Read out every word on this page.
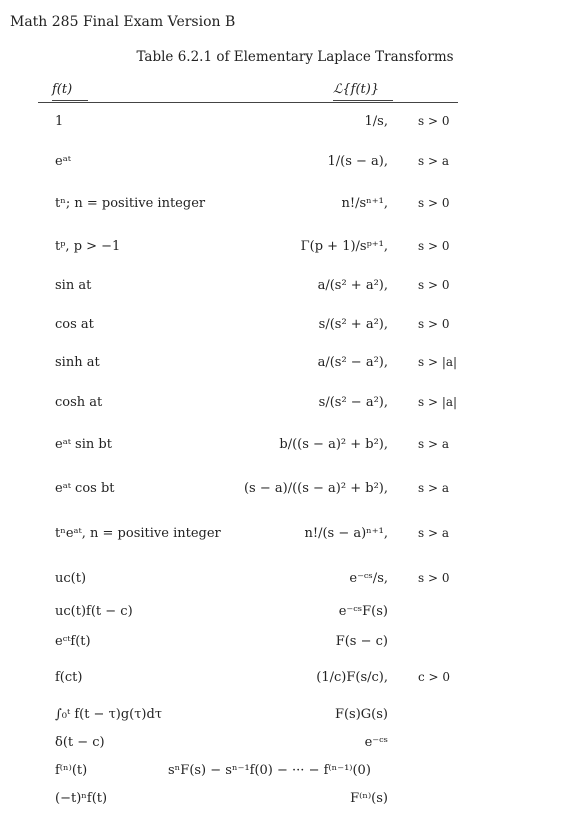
Math 285 Final Exam Version B
Table 6.2.1 of Elementary Laplace Transforms
f(t)	ℒ{f(t)}
1	1/s,	s > 0
eᵃᵗ	1/(s − a),	s > a
tⁿ; n = positive integer	n!/sⁿ⁺¹,	s > 0
tᵖ, p > −1	Γ(p + 1)/sᵖ⁺¹,	s > 0
sin at	a/(s² + a²),	s > 0
cos at	s/(s² + a²),	s > 0
sinh at	a/(s² − a²),	s > |a|
cosh at	s/(s² − a²),	s > |a|
eᵃᵗ sin bt	b/((s − a)² + b²),	s > a
eᵃᵗ cos bt	(s − a)/((s − a)² + b²),	s > a
tⁿeᵃᵗ, n = positive integer	n!/(s − a)ⁿ⁺¹,	s > a
uᴄ(t)	e⁻ᶜˢ/s,	s > 0
uᴄ(t)f(t − c)	e⁻ᶜˢF(s)
eᶜᵗf(t)	F(s − c)
f(ct)	(1/c)F(s/c),	c > 0
∫₀ᵗ f(t − τ)g(τ)dτ	F(s)G(s)
δ(t − c)	e⁻ᶜˢ
f⁽ⁿ⁾(t)	sⁿF(s) − sⁿ⁻¹f(0) − ··· − f⁽ⁿ⁻¹⁾(0)
(−t)ⁿf(t)	F⁽ⁿ⁾(s)
